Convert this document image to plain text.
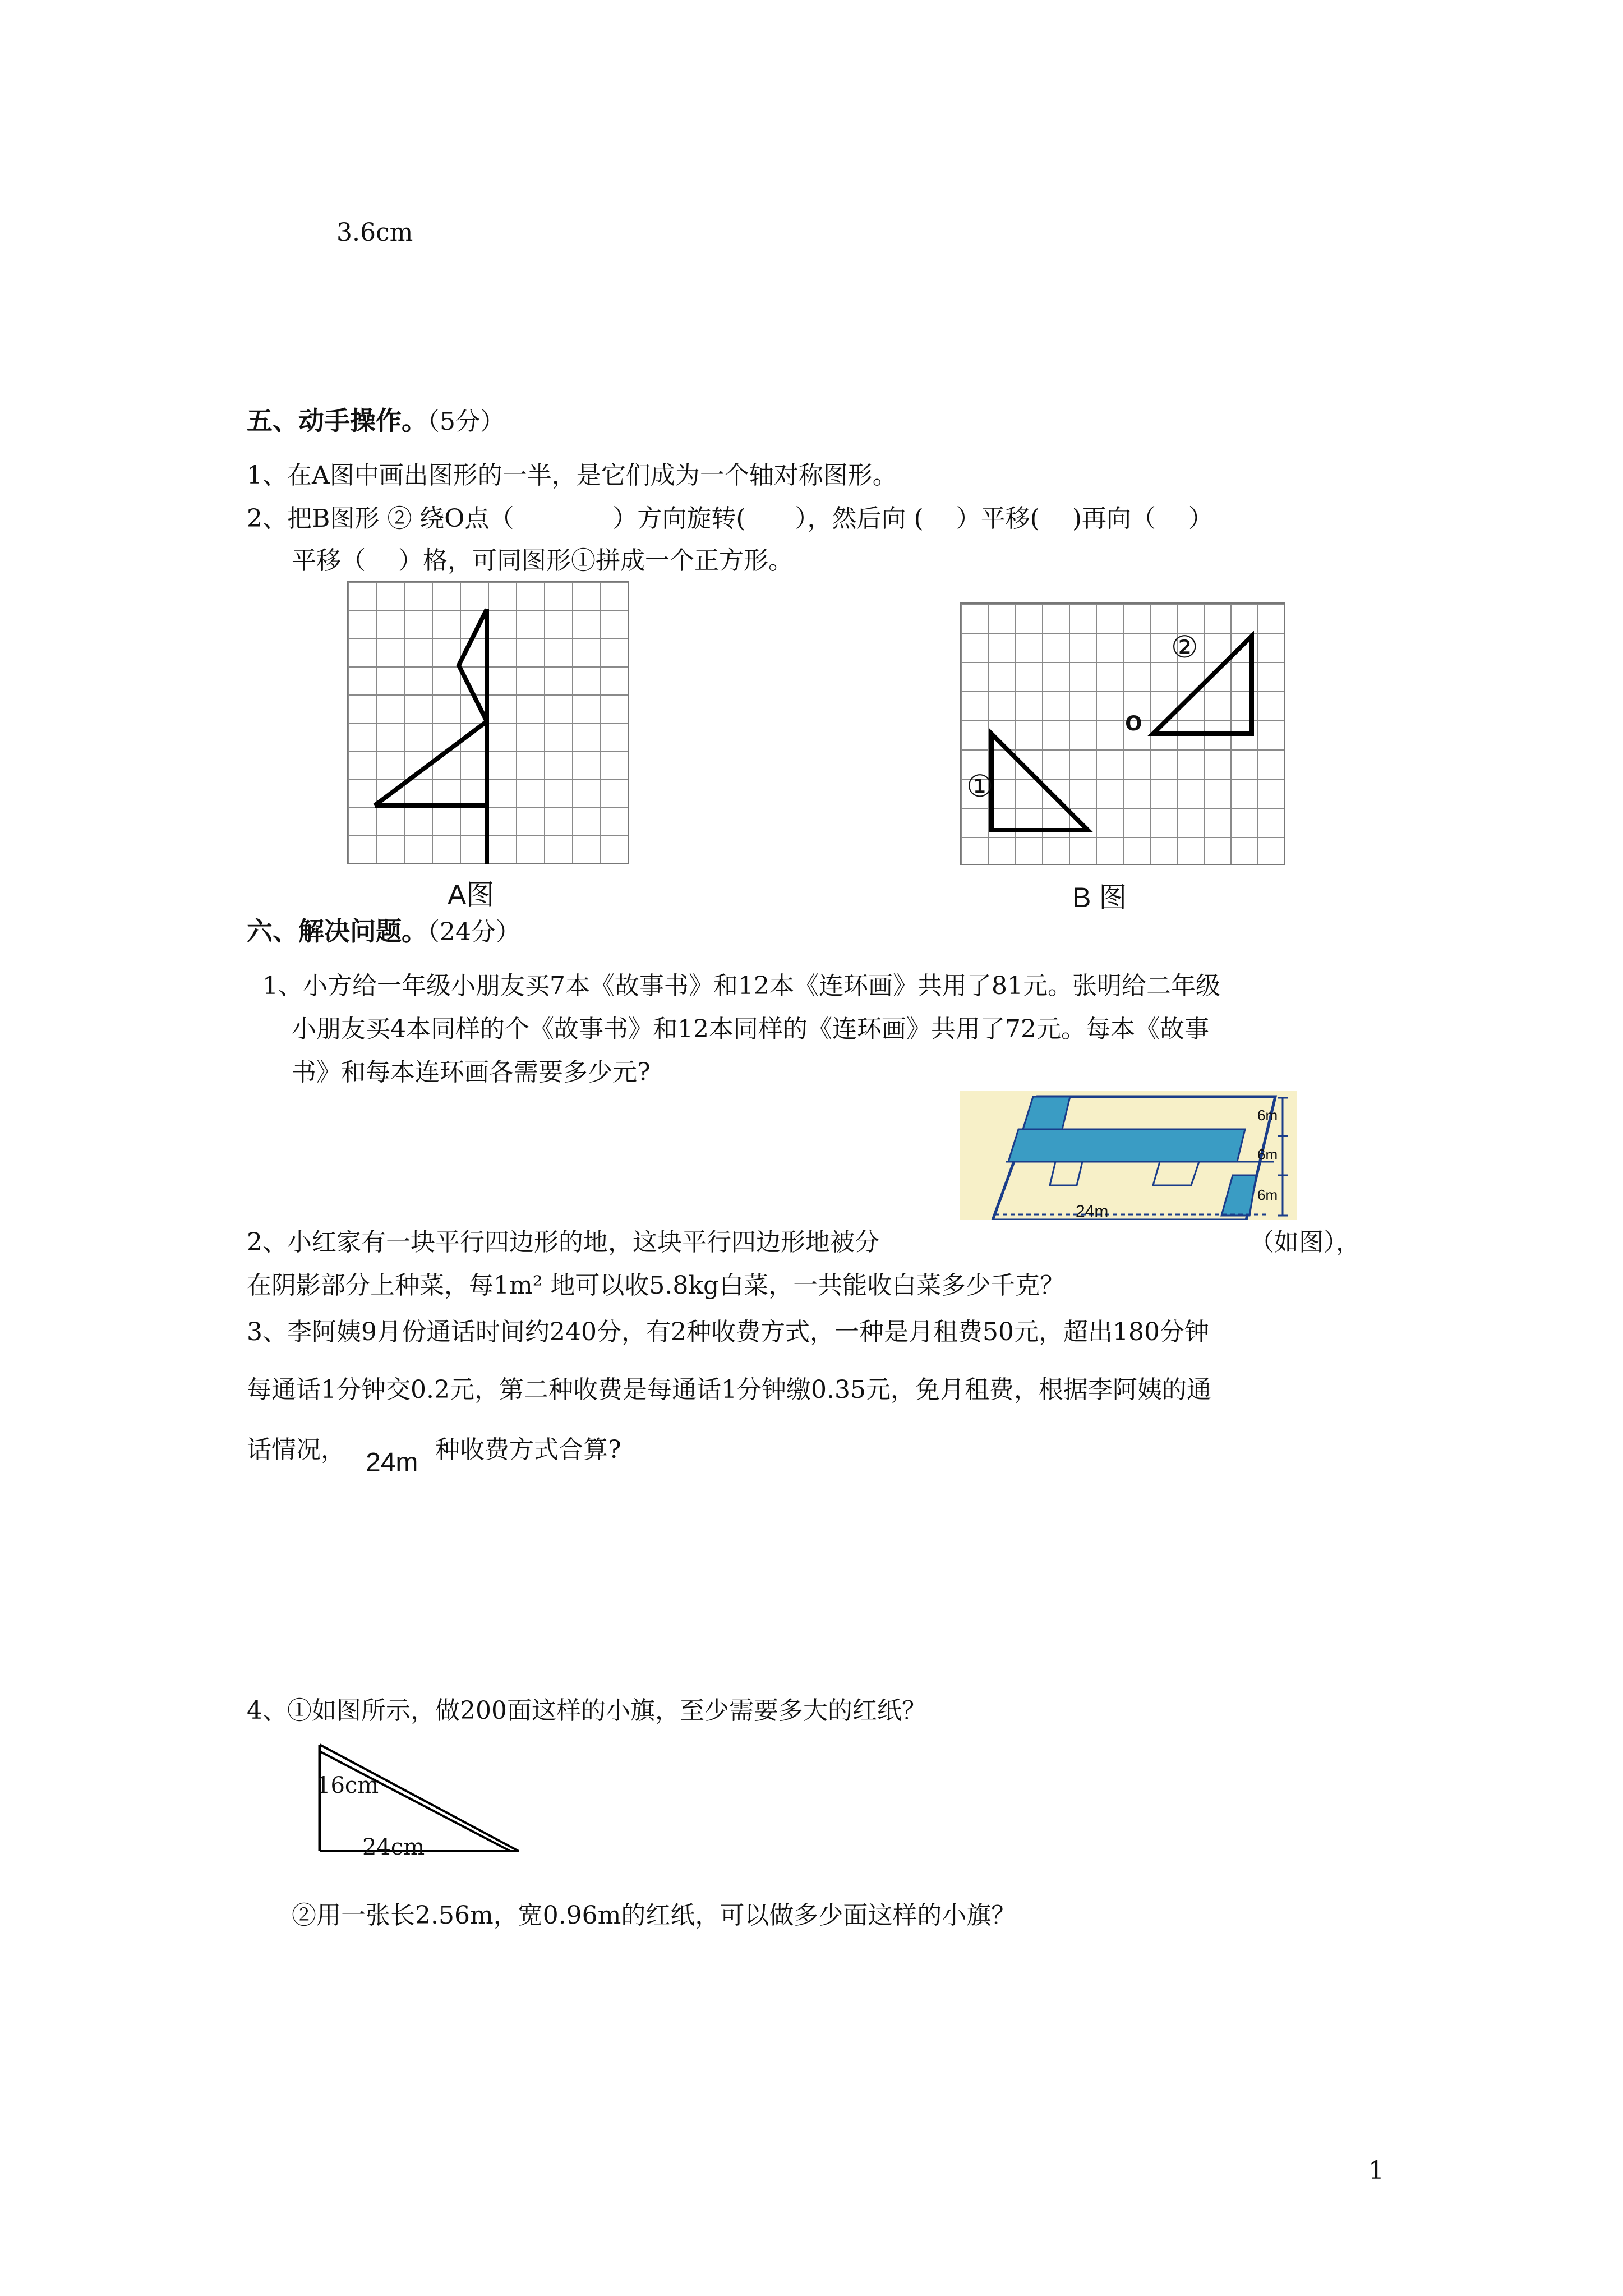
3.6cm
五、动手操作。（5分）
1、在A图中画出图形的一半，是它们成为一个轴对称图形。
2、把B图形 ② 绕O点（　　　　）方向旋转(　　），然后向 (　 ）平移(　 )再向（　 ）
平移（　 ）格，可同图形①拼成一个正方形。
A图
①
②
o
B 图
六、解决问题。（24分）
1、小方给一年级小朋友买7本《故事书》和12本《连环画》共用了81元。张明给二年级
小朋友买4本同样的个《故事书》和12本同样的《连环画》共用了72元。每本《故事
书》和每本连环画各需要多少元?
6m
6m
6m
24m
2、小红家有一块平行四边形的地，这块平行四边形地被分	（如图），
在阴影部分上种菜，每1m² 地可以收5.8kg白菜，一共能收白菜多少千克？
3、李阿姨9月份通话时间约240分，有2种收费方式，一种是月租费50元，超出180分钟
每通话1分钟交0.2元，第二种收费是每通话1分钟缴0.35元，免月租费，根据李阿姨的通
话情况，	种收费方式合算?
24m
4、①如图所示，做200面这样的小旗，至少需要多大的红纸？
16cm
24cm
②用一张长2.56m，宽0.96m的红纸，可以做多少面这样的小旗？
1
